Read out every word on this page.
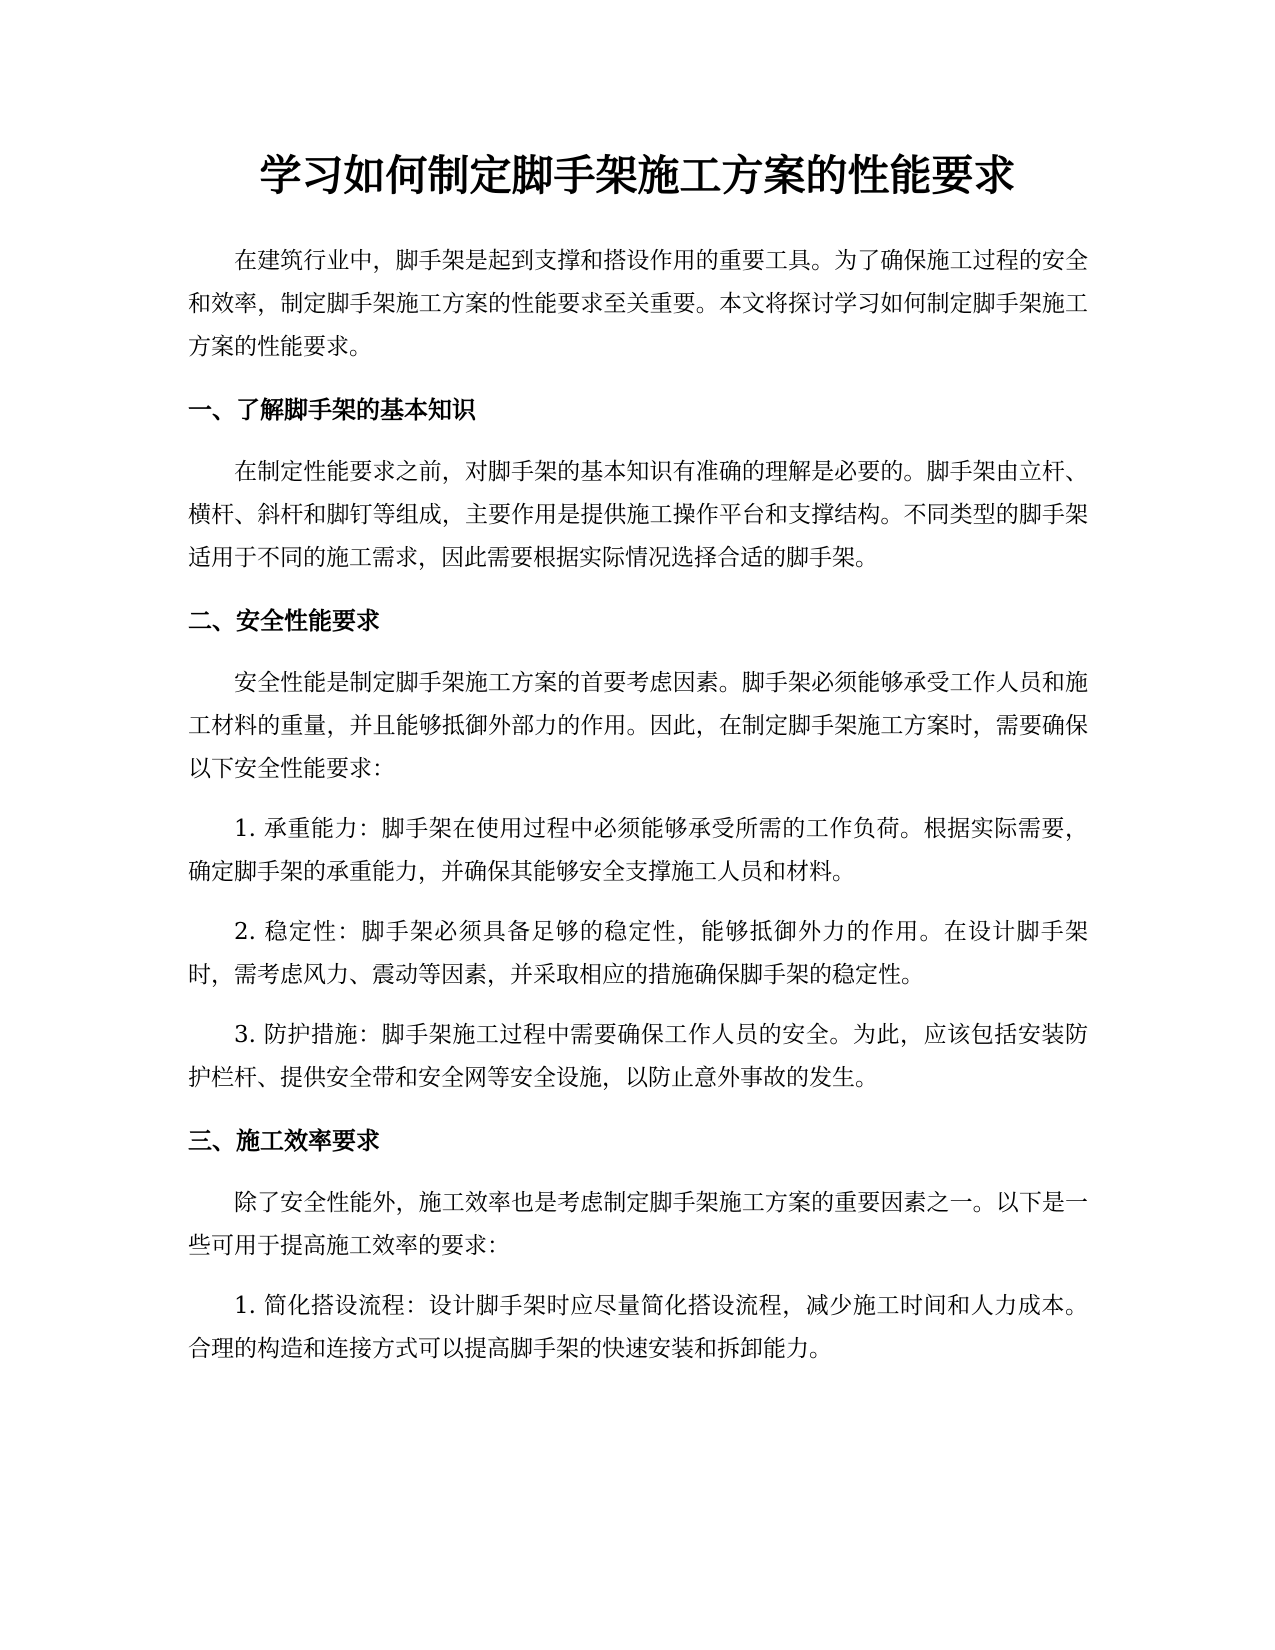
学习如何制定脚手架施工方案的性能要求

在建筑行业中，脚手架是起到支撑和搭设作用的重要工具。为了确保施工过程的安全和效率，制定脚手架施工方案的性能要求至关重要。本文将探讨学习如何制定脚手架施工方案的性能要求。

一、了解脚手架的基本知识

在制定性能要求之前，对脚手架的基本知识有准确的理解是必要的。脚手架由立杆、横杆、斜杆和脚钉等组成，主要作用是提供施工操作平台和支撑结构。不同类型的脚手架适用于不同的施工需求，因此需要根据实际情况选择合适的脚手架。

二、安全性能要求

安全性能是制定脚手架施工方案的首要考虑因素。脚手架必须能够承受工作人员和施工材料的重量，并且能够抵御外部力的作用。因此，在制定脚手架施工方案时，需要确保以下安全性能要求：

1. 承重能力：脚手架在使用过程中必须能够承受所需的工作负荷。根据实际需要，确定脚手架的承重能力，并确保其能够安全支撑施工人员和材料。

2. 稳定性：脚手架必须具备足够的稳定性，能够抵御外力的作用。在设计脚手架时，需考虑风力、震动等因素，并采取相应的措施确保脚手架的稳定性。

3. 防护措施：脚手架施工过程中需要确保工作人员的安全。为此，应该包括安装防护栏杆、提供安全带和安全网等安全设施，以防止意外事故的发生。

三、施工效率要求

除了安全性能外，施工效率也是考虑制定脚手架施工方案的重要因素之一。以下是一些可用于提高施工效率的要求：

1. 简化搭设流程：设计脚手架时应尽量简化搭设流程，减少施工时间和人力成本。合理的构造和连接方式可以提高脚手架的快速安装和拆卸能力。
